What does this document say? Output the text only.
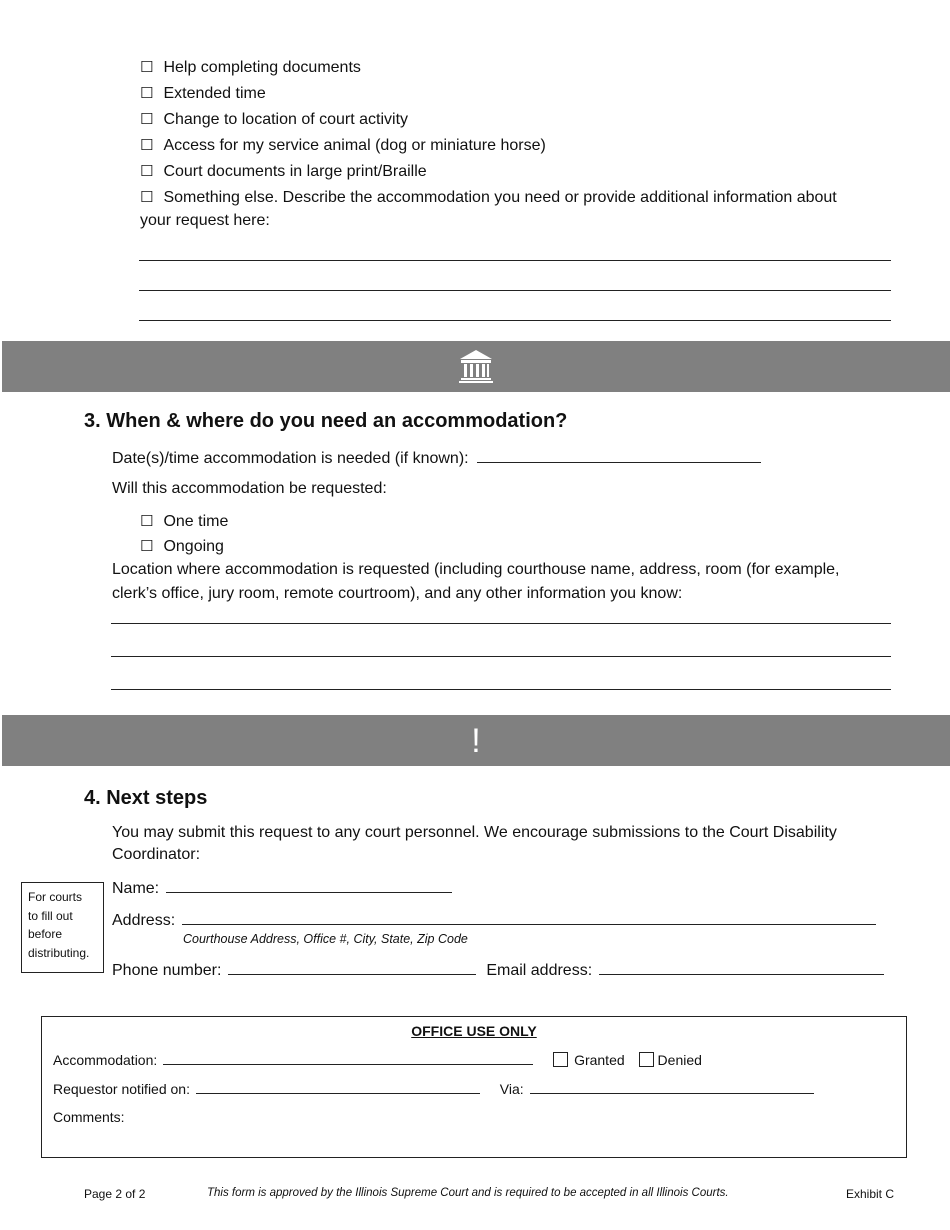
☐ Help completing documents
☐ Extended time
☐ Change to location of court activity
☐ Access for my service animal (dog or miniature horse)
☐ Court documents in large print/Braille
☐ Something else. Describe the accommodation you need or provide additional information about
your request here:
3. When & where do you need an accommodation?
Date(s)/time accommodation is needed (if known):
Will this accommodation be requested:
☐ One time
☐ Ongoing
Location where accommodation is requested (including courthouse name, address, room (for example,
clerk’s office, jury room, remote courtroom), and any other information you know:
!
4. Next steps
You may submit this request to any court personnel. We encourage submissions to the Court Disability
Coordinator:
For courts
to fill out
before
distributing.
Name:
Address:
Courthouse Address, Office #, City, State, Zip Code
Phone number:	Email address:
OFFICE USE ONLY
Accommodation:	Granted Denied
Requestor notified on:	Via:
Comments:
Page 2 of 2	This form is approved by the Illinois Supreme Court and is required to be accepted in all Illinois Courts.	Exhibit C
